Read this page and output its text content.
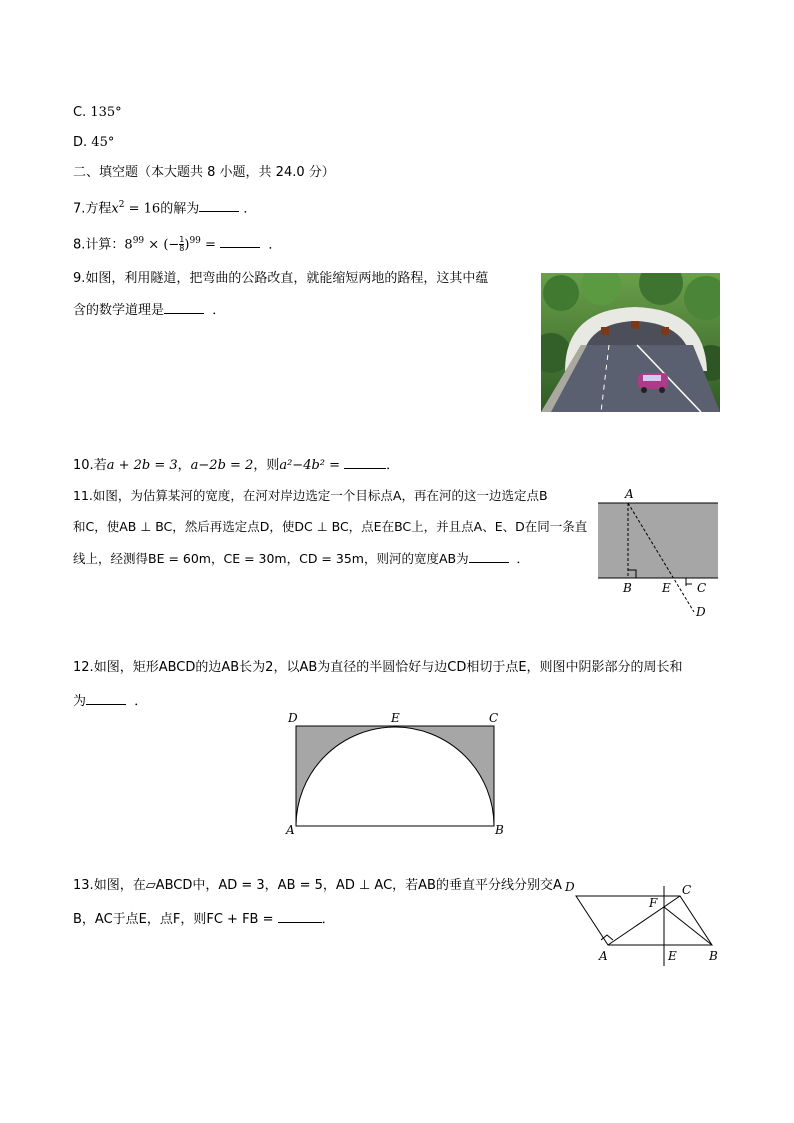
C. 135°
D. 45°
二、填空题（本大题共 8 小题，共 24.0 分）
7.方程$x^2 = 16$的解为	．
8.计算：$8^{99}$ × (− $\frac{1}{8} )^{99}$ =	．
9.如图，利用隧道，把弯曲的公路改直，就能缩短两地的路程，这其中蕴
含的数学道理是	．
10.若a + 2b = 3，a−2b = 2，则a²−4b² =	．
11.如图，为估算某河的宽度，在河对岸边选定一个目标点A，再在河的这一边选定点B
和C，使AB ⊥ BC，然后再选定点D，使DC ⊥ BC，点E在BC上，并且点A、E、D在同一条直
线上，经测得BE = 60m，CE = 30m，CD = 35m，则河的宽度AB为	．
A
B	E C
D
12.如图，矩形ABCD的边AB长为2，以AB为直径的半圆恰好与边CD相切于点E，则图中阴影部分的周长和
为	．
D	E	C
A	B
13.如图，在▱ABCD中，AD = 3，AB = 5，AD ⊥ AC，若AB的垂直平分线分别交A
B，AC于点E，点F，则FC + FB =	．
D	C
F
A	E	B
